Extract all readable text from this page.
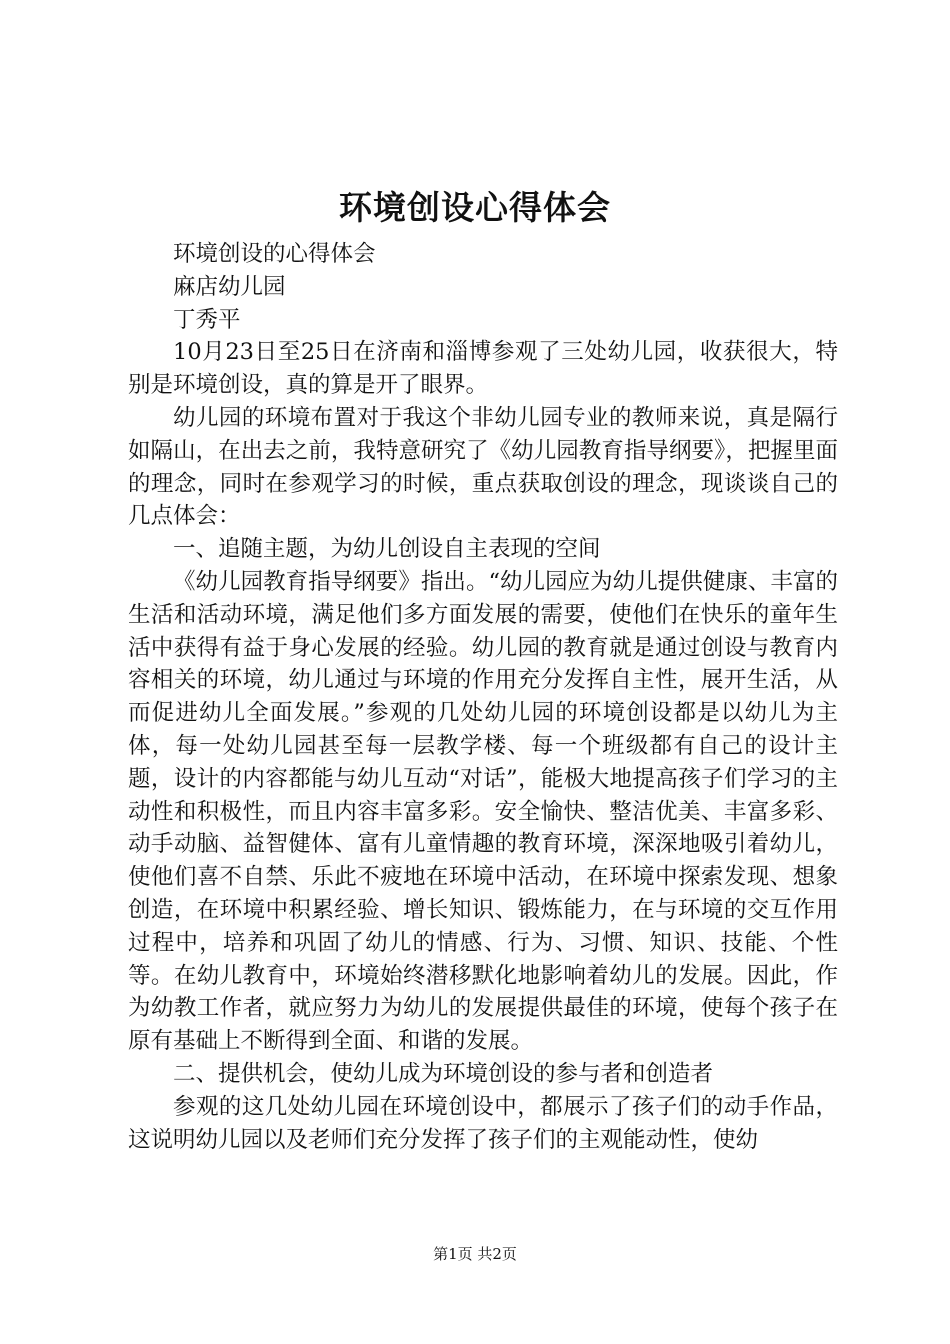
环境创设心得体会

环境创设的心得体会

麻店幼儿园

丁秀平

10月23日至25日在济南和淄博参观了三处幼儿园，收获很大，特别是环境创设，真的算是开了眼界。

幼儿园的环境布置对于我这个非幼儿园专业的教师来说，真是隔行如隔山，在出去之前，我特意研究了《幼儿园教育指导纲要》，把握里面的理念，同时在参观学习的时候，重点获取创设的理念，现谈谈自己的几点体会：

一、追随主题，为幼儿创设自主表现的空间

《幼儿园教育指导纲要》指出。“幼儿园应为幼儿提供健康、丰富的生活和活动环境，满足他们多方面发展的需要，使他们在快乐的童年生活中获得有益于身心发展的经验。幼儿园的教育就是通过创设与教育内容相关的环境，幼儿通过与环境的作用充分发挥自主性，展开生活，从而促进幼儿全面发展。”参观的几处幼儿园的环境创设都是以幼儿为主体，每一处幼儿园甚至每一层教学楼、每一个班级都有自己的设计主题，设计的内容都能与幼儿互动“对话”，能极大地提高孩子们学习的主动性和积极性，而且内容丰富多彩。安全愉快、整洁优美、丰富多彩、动手动脑、益智健体、富有儿童情趣的教育环境，深深地吸引着幼儿，使他们喜不自禁、乐此不疲地在环境中活动，在环境中探索发现、想象创造，在环境中积累经验、增长知识、锻炼能力，在与环境的交互作用过程中，培养和巩固了幼儿的情感、行为、习惯、知识、技能、个性等。在幼儿教育中，环境始终潜移默化地影响着幼儿的发展。因此，作为幼教工作者，就应努力为幼儿的发展提供最佳的环境，使每个孩子在原有基础上不断得到全面、和谐的发展。

二、提供机会，使幼儿成为环境创设的参与者和创造者

参观的这几处幼儿园在环境创设中，都展示了孩子们的动手作品，这说明幼儿园以及老师们充分发挥了孩子们的主观能动性，使幼

第1页 共2页
